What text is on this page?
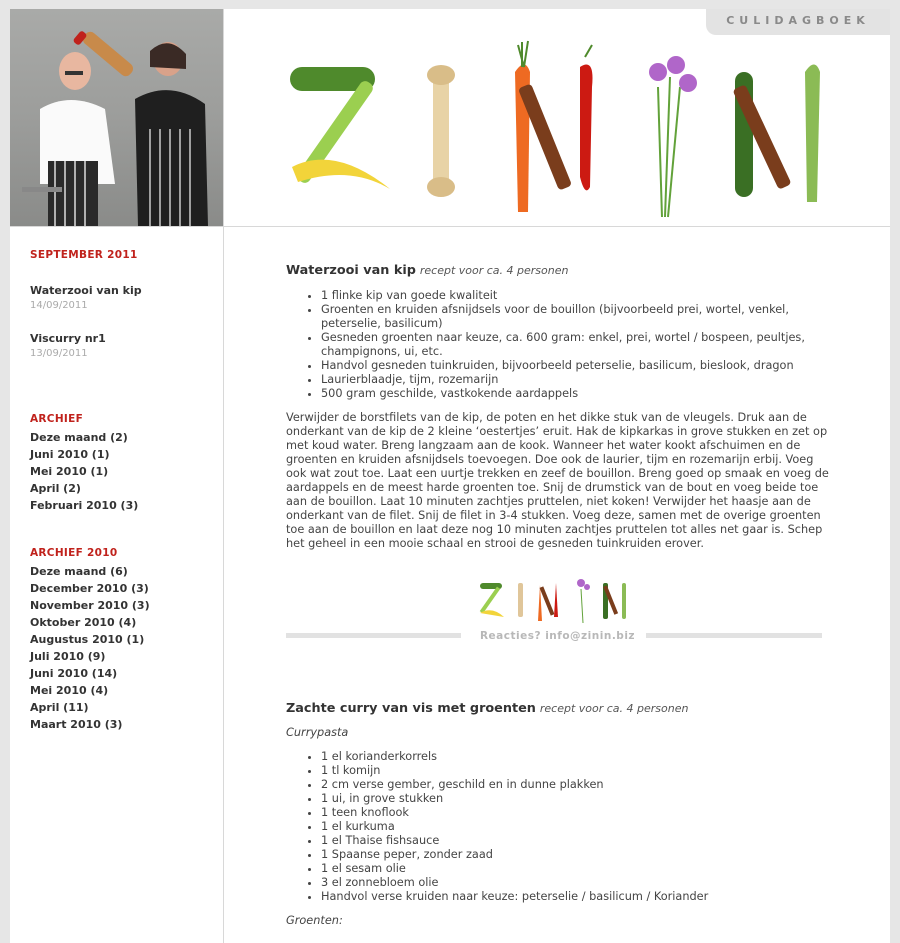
CULIDAGBOEK
SEPTEMBER 2011
Waterzooi van kip
14/09/2011
Viscurry nr1
13/09/2011
ARCHIEF
Deze maand (2)
Juni 2010 (1)
Mei 2010 (1)
April (2)
Februari 2010 (3)
ARCHIEF 2010
Deze maand (6)
December 2010 (3)
November 2010 (3)
Oktober 2010 (4)
Augustus 2010 (1)
Juli 2010 (9)
Juni 2010 (14)
Mei 2010 (4)
April (11)
Maart 2010 (3)
Waterzooi van kip recept voor ca. 4 personen
• 1 flinke kip van goede kwaliteit
• Groenten en kruiden afsnijdsels voor de bouillon (bijvoorbeeld prei, wortel, venkel, peterselie, basilicum)
• Gesneden groenten naar keuze, ca. 600 gram: enkel, prei, wortel / bospeen, peultjes, champignons, ui, etc.
• Handvol gesneden tuinkruiden, bijvoorbeeld peterselie, basilicum, bieslook, dragon
• Laurierblaadje, tijm, rozemarijn
• 500 gram geschilde, vastkokende aardappels

Verwijder de borstfilets van de kip, de poten en het dikke stuk van de vleugels. Druk aan de onderkant van de kip de 2 kleine ‘oestertjes’ eruit. Hak de kipkarkas in grove stukken en zet op met koud water. Breng langzaam aan de kook. Wanneer het water kookt afschuimen en de groenten en kruiden afsnijdsels toevoegen. Doe ook de laurier, tijm en rozemarijn erbij. Voeg ook wat zout toe. Laat een uurtje trekken en zeef de bouillon. Breng goed op smaak en voeg de aardappels en de meest harde groenten toe. Snij de drumstick van de bout en voeg beide toe aan de bouillon. Laat 10 minuten zachtjes pruttelen, niet koken! Verwijder het haasje aan de onderkant van de filet. Snij de filet in 3-4 stukken. Voeg deze, samen met de overige groenten toe aan de bouillon en laat deze nog 10 minuten zachtjes pruttelen tot alles net gaar is. Schep het geheel in een mooie schaal en strooi de gesneden tuinkruiden erover.

Reacties? info@zinin.biz
Zachte curry van vis met groenten recept voor ca. 4 personen
Currypasta
• 1 el korianderkorrels
• 1 tl komijn
• 2 cm verse gember, geschild en in dunne plakken
• 1 ui, in grove stukken
• 1 teen knoflook
• 1 el kurkuma
• 1 el Thaise fishsauce
• 1 Spaanse peper, zonder zaad
• 1 el sesam olie
• 3 el zonnebloem olie
• Handvol verse kruiden naar keuze: peterselie / basilicum / Koriander
Groenten:
